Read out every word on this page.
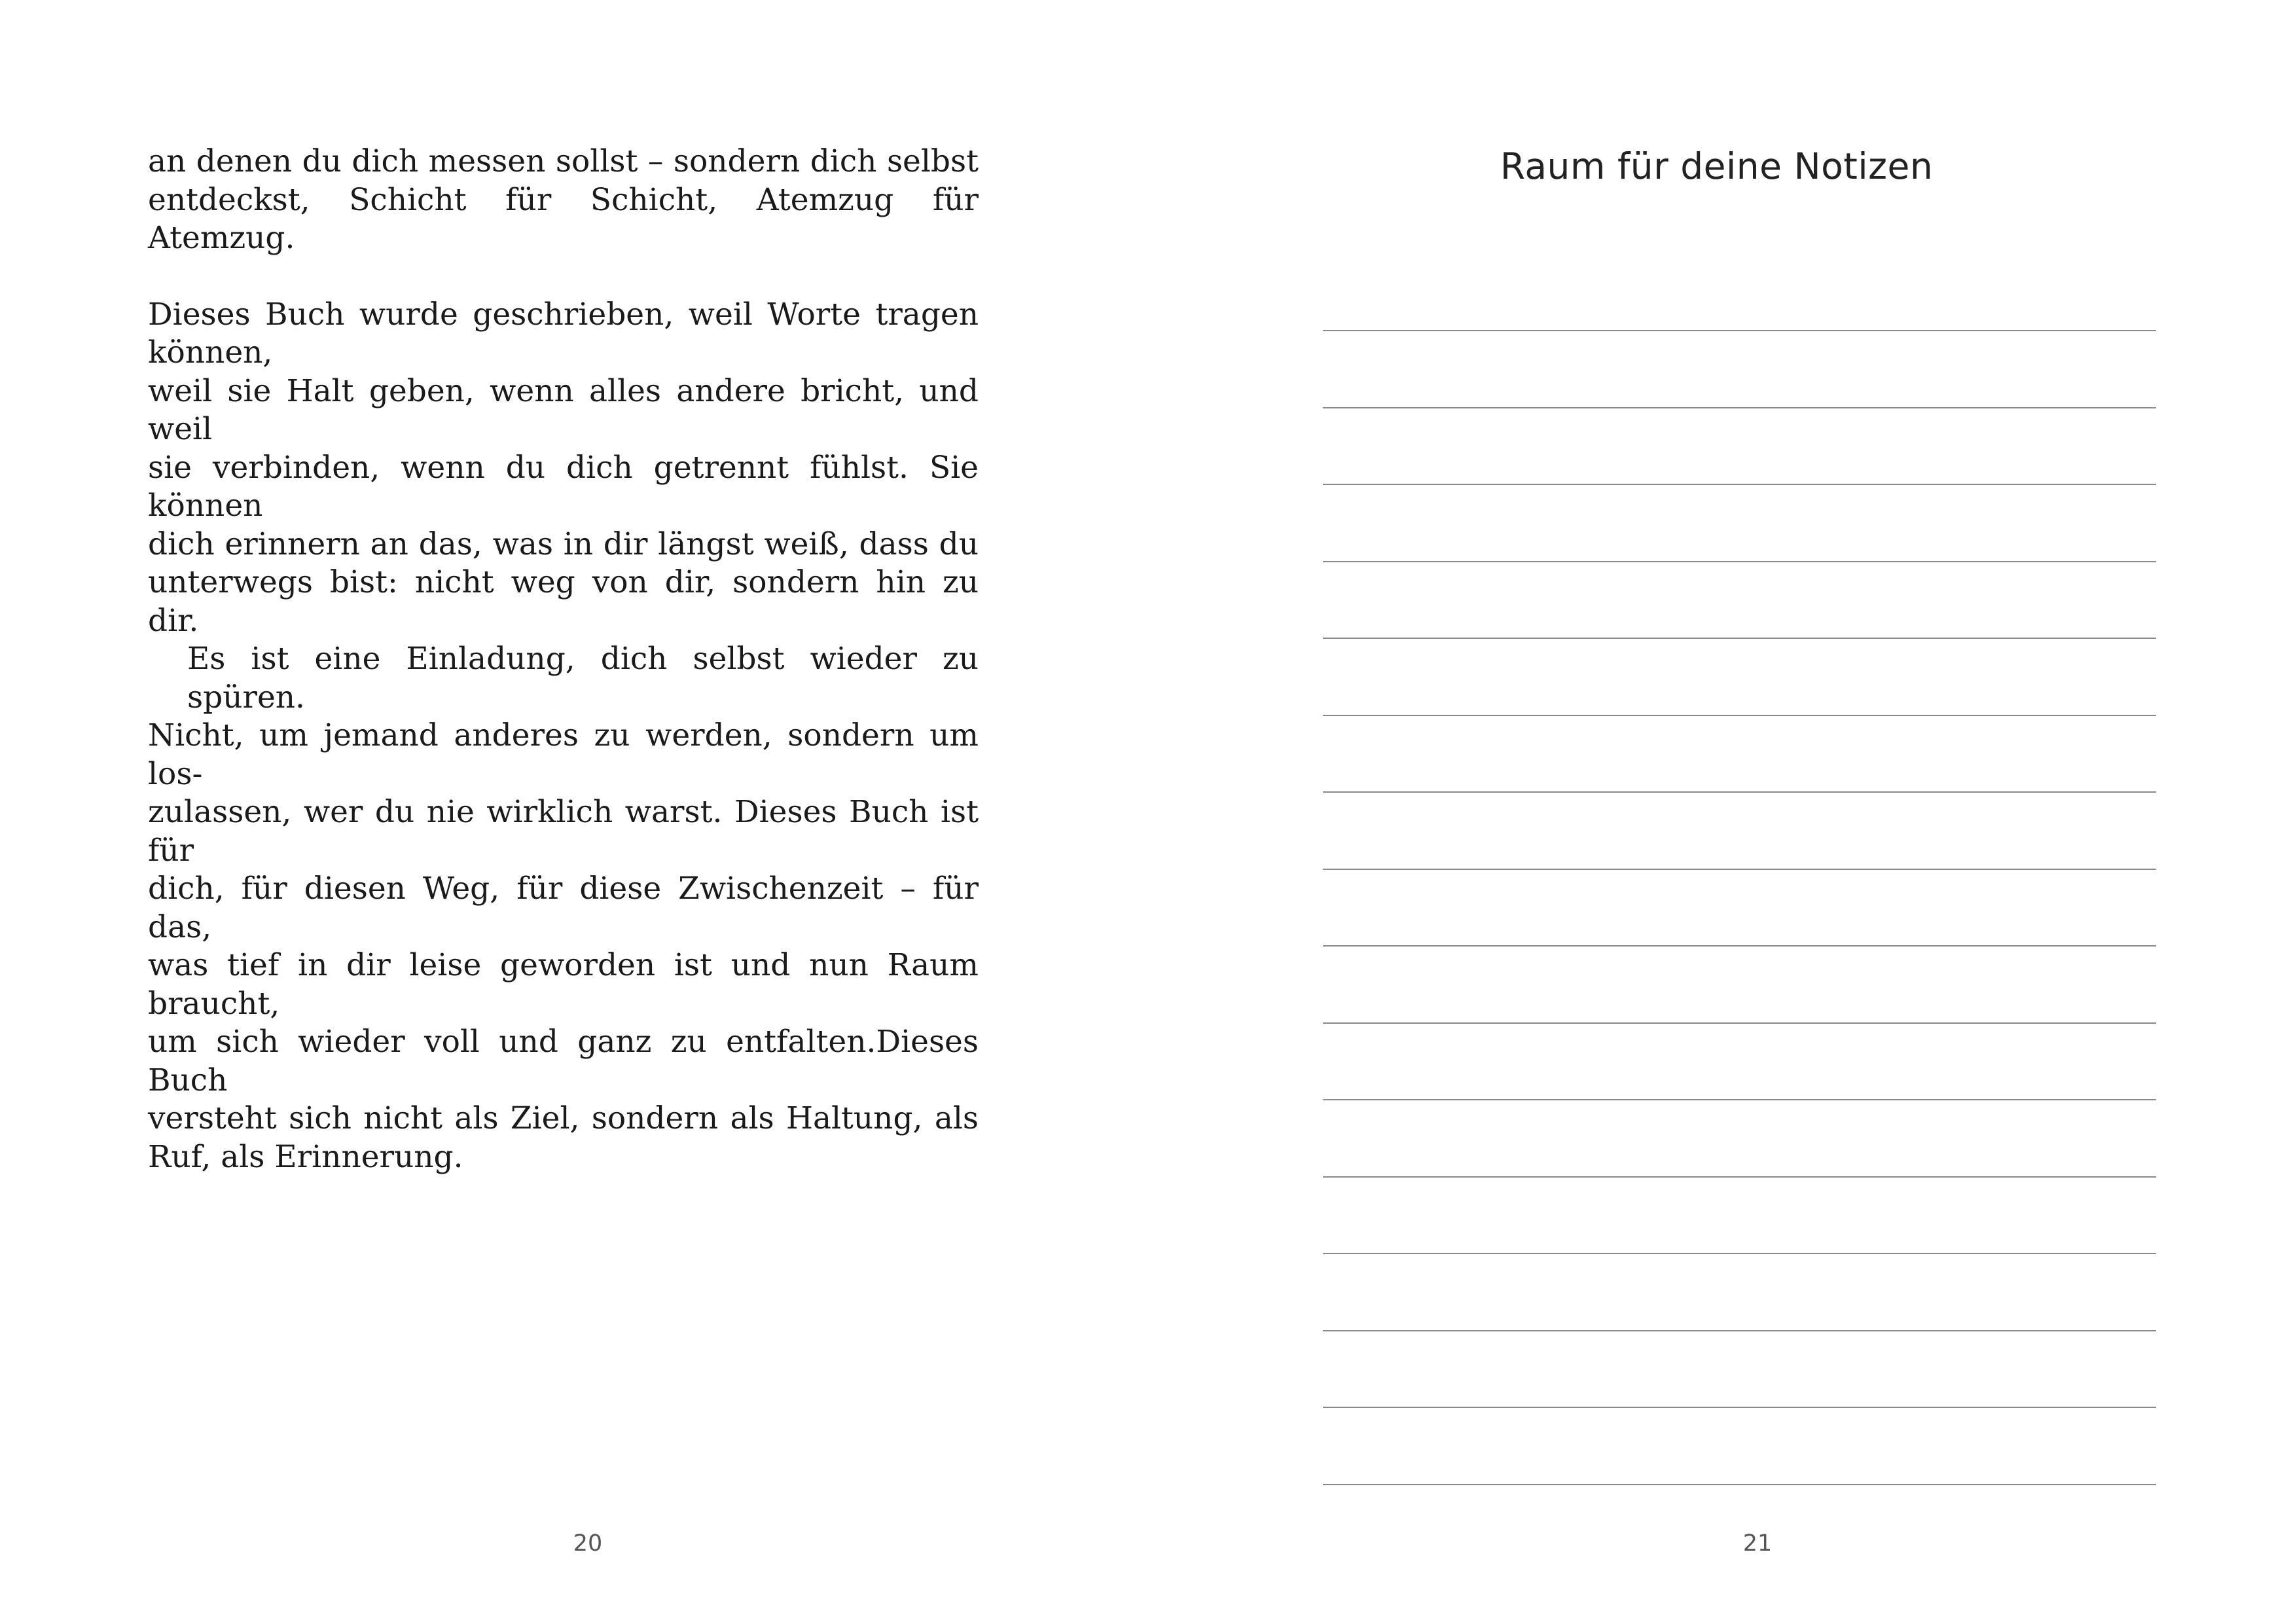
an denen du dich messen sollst – sondern dich selbst
entdeckst, Schicht für Schicht, Atemzug für Atemzug.

Dieses Buch wurde geschrieben, weil Worte tragen können,
weil sie Halt geben, wenn alles andere bricht, und weil
sie verbinden, wenn du dich getrennt fühlst. Sie können
dich erinnern an das, was in dir längst weiß, dass du
unterwegs bist: nicht weg von dir, sondern hin zu dir.

Es ist eine Einladung, dich selbst wieder zu spüren.
Nicht, um jemand anderes zu werden, sondern um los-
zulassen, wer du nie wirklich warst. Dieses Buch ist für
dich, für diesen Weg, für diese Zwischenzeit – für das,
was tief in dir leise geworden ist und nun Raum braucht,
um sich wieder voll und ganz zu entfalten.Dieses Buch
versteht sich nicht als Ziel, sondern als Haltung, als
Ruf, als Erinnerung.

20
Raum für deine Notizen
21
